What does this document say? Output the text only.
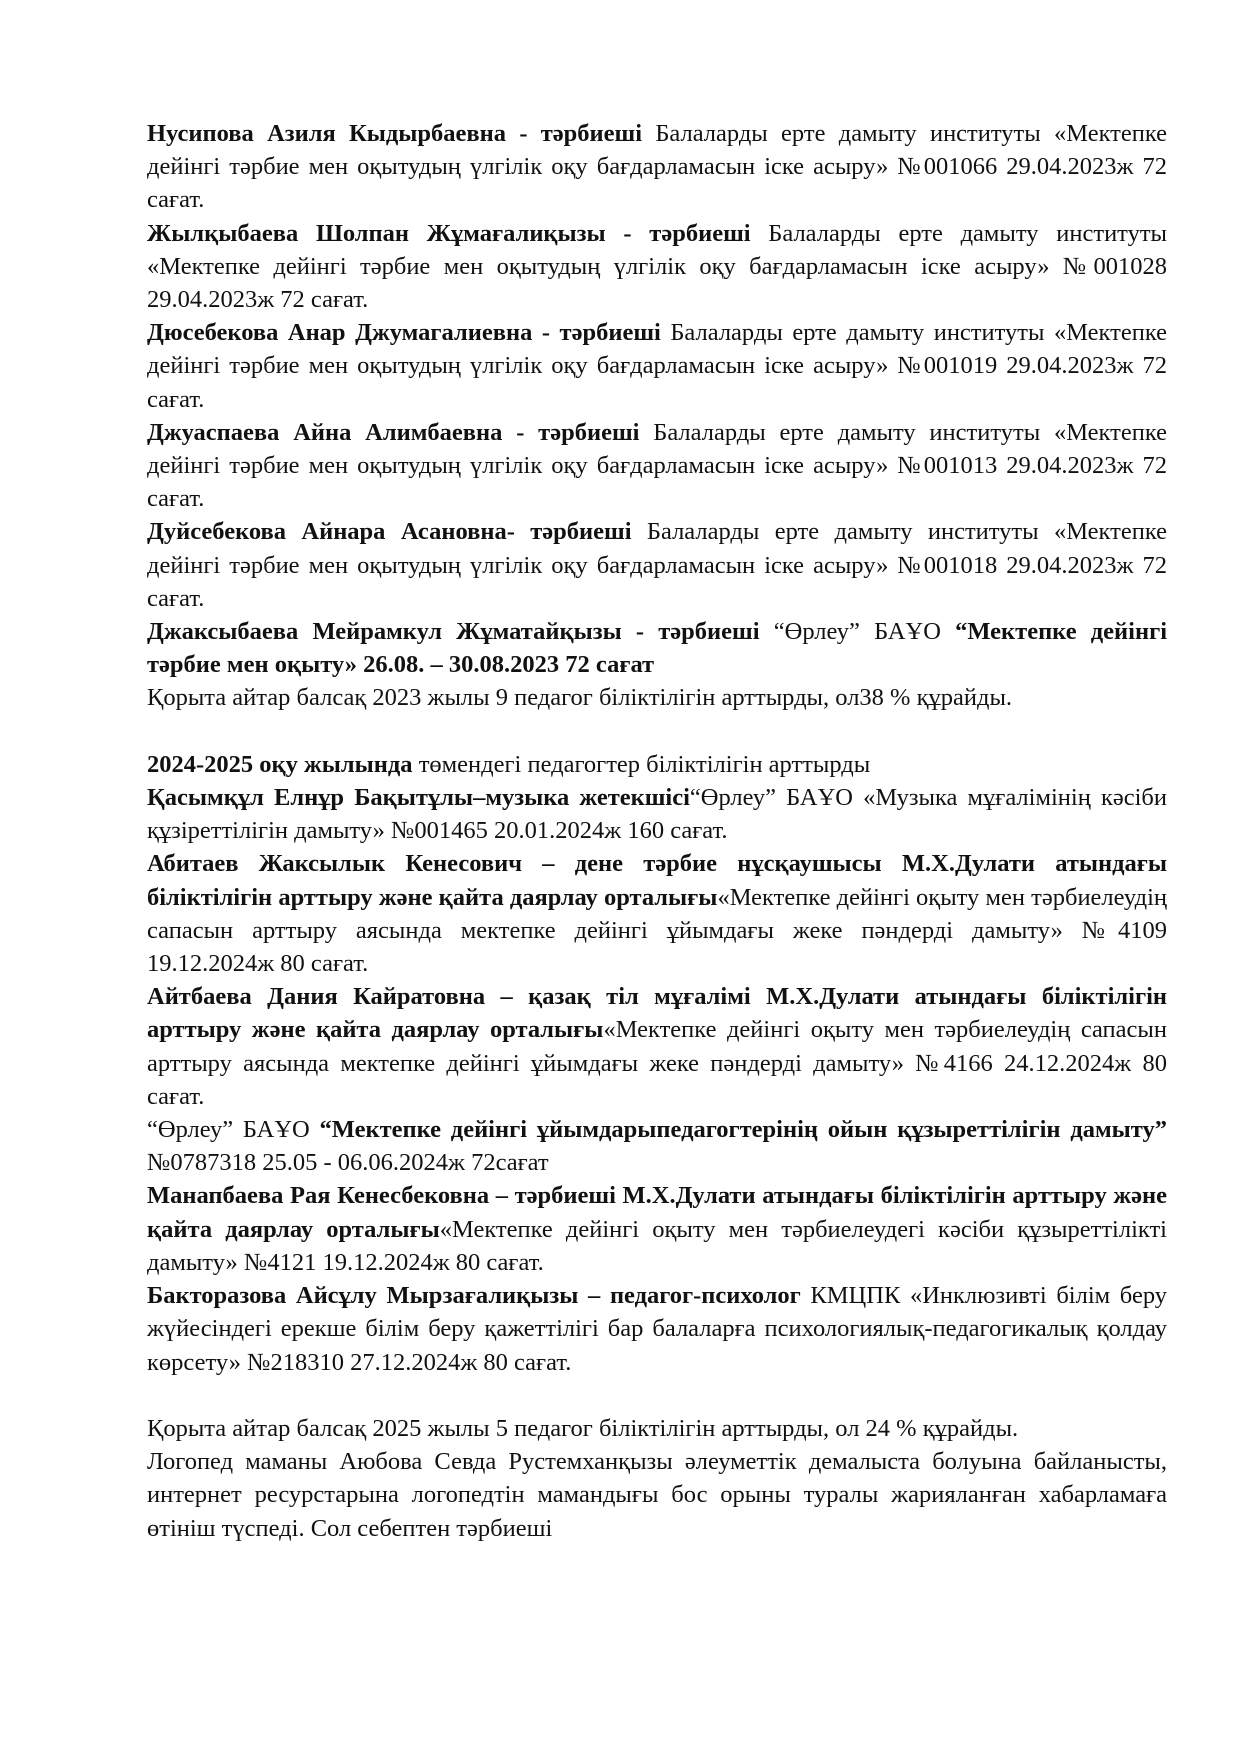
Нусипова Азиля Кыдырбаевна - тәрбиеші Балаларды ерте дамыту институты «Мектепке дейінгі тәрбие мен оқытудың үлгілік оқу бағдарламасын іске асыру» №001066 29.04.2023ж 72 сағат.

Жылқыбаева Шолпан Жұмағалиқызы - тәрбиеші Балаларды ерте дамыту институты «Мектепке дейінгі тәрбие мен оқытудың үлгілік оқу бағдарламасын іске асыру» №001028 29.04.2023ж 72 сағат.

Дюсебекова Анар Джумагалиевна - тәрбиеші Балаларды ерте дамыту институты «Мектепке дейінгі тәрбие мен оқытудың үлгілік оқу бағдарламасын іске асыру» №001019 29.04.2023ж 72 сағат.

Джуаспаева Айна Алимбаевна - тәрбиеші Балаларды ерте дамыту институты «Мектепке дейінгі тәрбие мен оқытудың үлгілік оқу бағдарламасын іске асыру» №001013 29.04.2023ж 72 сағат.

Дуйсебекова Айнара Асановна- тәрбиеші Балаларды ерте дамыту институты «Мектепке дейінгі тәрбие мен оқытудың үлгілік оқу бағдарламасын іске асыру» №001018 29.04.2023ж 72 сағат.

Джаксыбаева Мейрамкул Жұматайқызы - тәрбиеші “Өрлеу” БАҰО “Мектепке дейінгі тәрбие мен оқыту» 26.08. – 30.08.2023 72 сағат

Қорыта айтар балсақ 2023 жылы 9 педагог біліктілігін арттырды, ол38 % құрайды.

2024-2025 оқу жылында төмендегі педагогтер біліктілігін арттырды

Қасымқұл Елнұр Бақытұлы–музыка жетекшісі“Өрлеу” БАҰО «Музыка мұғалімінің кәсіби құзіреттілігін дамыту» №001465 20.01.2024ж 160 сағат.

Абитаев Жаксылык Кенесович – дене тәрбие нұсқаушысы М.Х.Дулати атындағы біліктілігін арттыру және қайта даярлау орталығы«Мектепке дейінгі оқыту мен тәрбиелеудің сапасын арттыру аясында мектепке дейінгі ұйымдағы жеке пәндерді дамыту» №4109 19.12.2024ж 80 сағат.

Айтбаева Дания Кайратовна – қазақ тіл мұғалімі М.Х.Дулати атындағы біліктілігін арттыру және қайта даярлау орталығы«Мектепке дейінгі оқыту мен тәрбиелеудің сапасын арттыру аясында мектепке дейінгі ұйымдағы жеке пәндерді дамыту» №4166 24.12.2024ж 80 сағат.

“Өрлеу” БАҰО “Мектепке дейінгі ұйымдарыпедагогтерінің ойын құзыреттілігін дамыту” №0787318 25.05 - 06.06.2024ж 72сағат

Манапбаева Рая Кенесбековна – тәрбиеші М.Х.Дулати атындағы біліктілігін арттыру және қайта даярлау орталығы«Мектепке дейінгі оқыту мен тәрбиелеудегі кәсіби құзыреттілікті дамыту» №4121 19.12.2024ж 80 сағат.

Бакторазова Айсұлу Мырзағалиқызы – педагог-психолог КМЦПК «Инклюзивті білім беру жүйесіндегі ерекше білім беру қажеттілігі бар балаларға психологиялық-педагогикалық қолдау көрсету» №218310 27.12.2024ж 80 сағат.

Қорыта айтар балсақ 2025 жылы 5 педагог біліктілігін арттырды, ол 24 % құрайды.

Логопед маманы Аюбова Севда Рустемханқызы әлеуметтік демалыста болуына байланысты, интернет ресурстарына логопедтін мамандығы бос орыны туралы жарияланған хабарламаға өтініш түспеді. Сол себептен тәрбиеші
